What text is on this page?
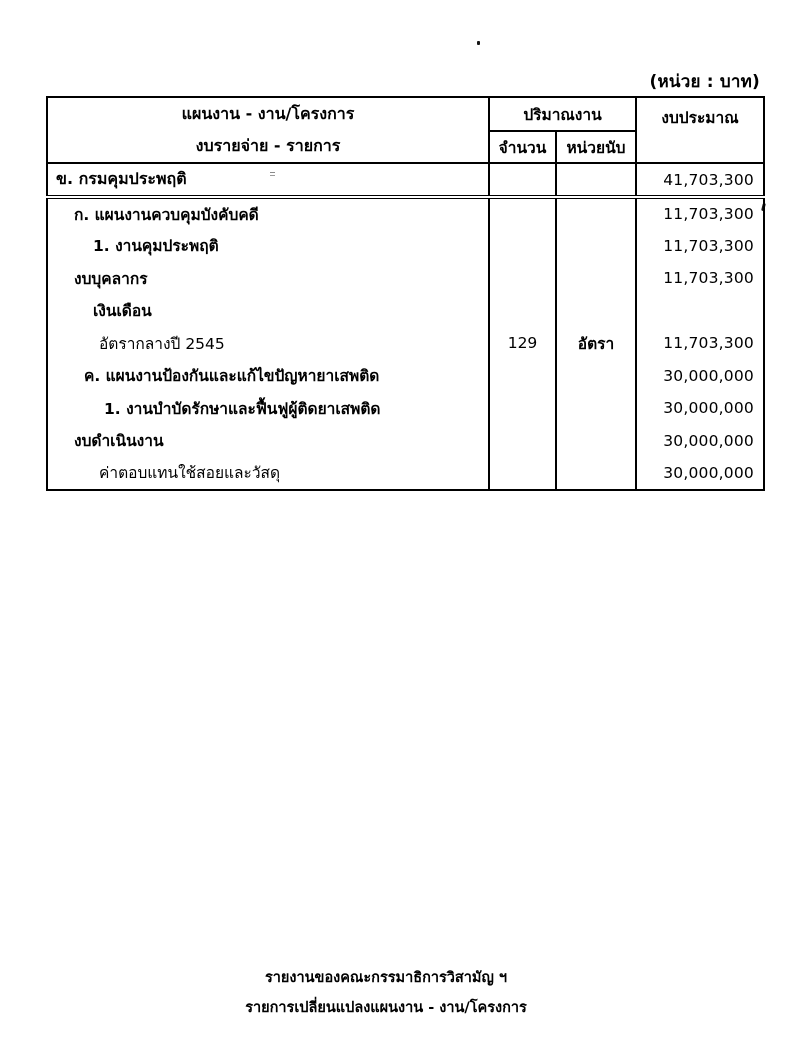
(หน่วย : บาท)
แผนงาน - งาน/โครงการ
งบรายจ่าย - รายการ	ปริมาณงาน		งบประมาณ
	จำนวน	หน่วยนับ	
ข. กรมคุมประพฤติ			41,703,300
ก. แผนงานควบคุมบังคับคดี			11,703,300
1. งานคุมประพฤติ			11,703,300
งบบุคลากร			11,703,300
เงินเดือน			
อัตรากลางปี 2545	129	อัตรา	11,703,300
ค. แผนงานป้องกันและแก้ไขปัญหายาเสพติด			30,000,000
1. งานบำบัดรักษาและฟื้นฟูผู้ติดยาเสพติด			30,000,000
งบดำเนินงาน			30,000,000
ค่าตอบแทนใช้สอยและวัสดุ			30,000,000
รายงานของคณะกรรมาธิการวิสามัญ ฯ
รายการเปลี่ยนแปลงแผนงาน - งาน/โครงการ
